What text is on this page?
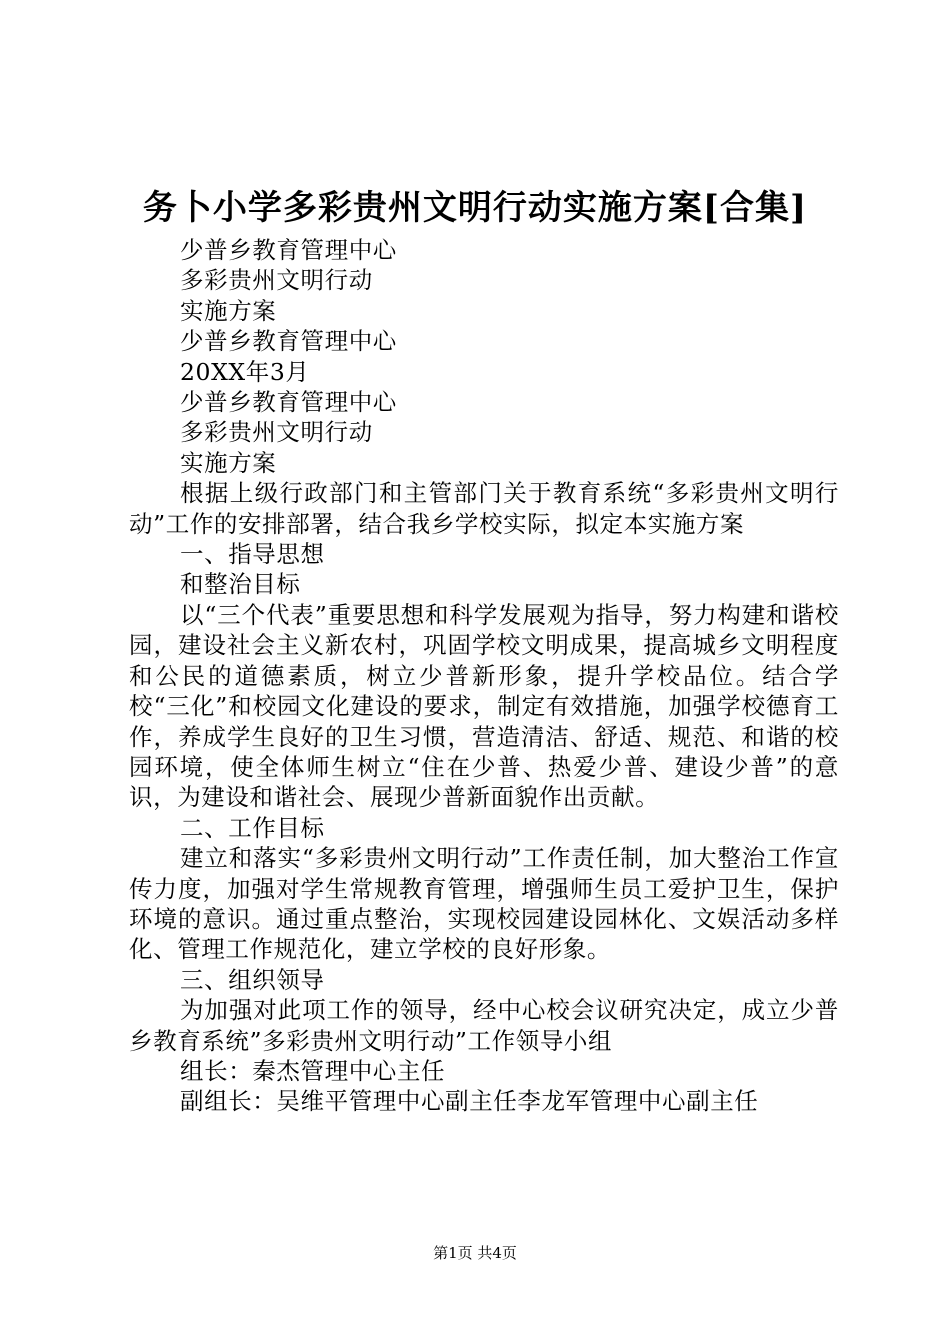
务卜小学多彩贵州文明行动实施方案[合集]

少普乡教育管理中心

多彩贵州文明行动

实施方案

少普乡教育管理中心

20XX年3月

少普乡教育管理中心

多彩贵州文明行动

实施方案

根据上级行政部门和主管部门关于教育系统“多彩贵州文明行动”工作的安排部署，结合我乡学校实际，拟定本实施方案

一、指导思想

和整治目标

以“三个代表”重要思想和科学发展观为指导，努力构建和谐校园，建设社会主义新农村，巩固学校文明成果，提高城乡文明程度和公民的道德素质，树立少普新形象，提升学校品位。结合学校“三化”和校园文化建设的要求，制定有效措施，加强学校德育工作，养成学生良好的卫生习惯，营造清洁、舒适、规范、和谐的校园环境，使全体师生树立“住在少普、热爱少普、建设少普”的意识，为建设和谐社会、展现少普新面貌作出贡献。

二、工作目标

建立和落实“多彩贵州文明行动”工作责任制，加大整治工作宣传力度，加强对学生常规教育管理，增强师生员工爱护卫生，保护环境的意识。通过重点整治，实现校园建设园林化、文娱活动多样化、管理工作规范化，建立学校的良好形象。

三、组织领导

为加强对此项工作的领导，经中心校会议研究决定，成立少普乡教育系统”多彩贵州文明行动”工作领导小组

组长：秦杰管理中心主任

副组长：吴维平管理中心副主任李龙军管理中心副主任

第1页 共4页
